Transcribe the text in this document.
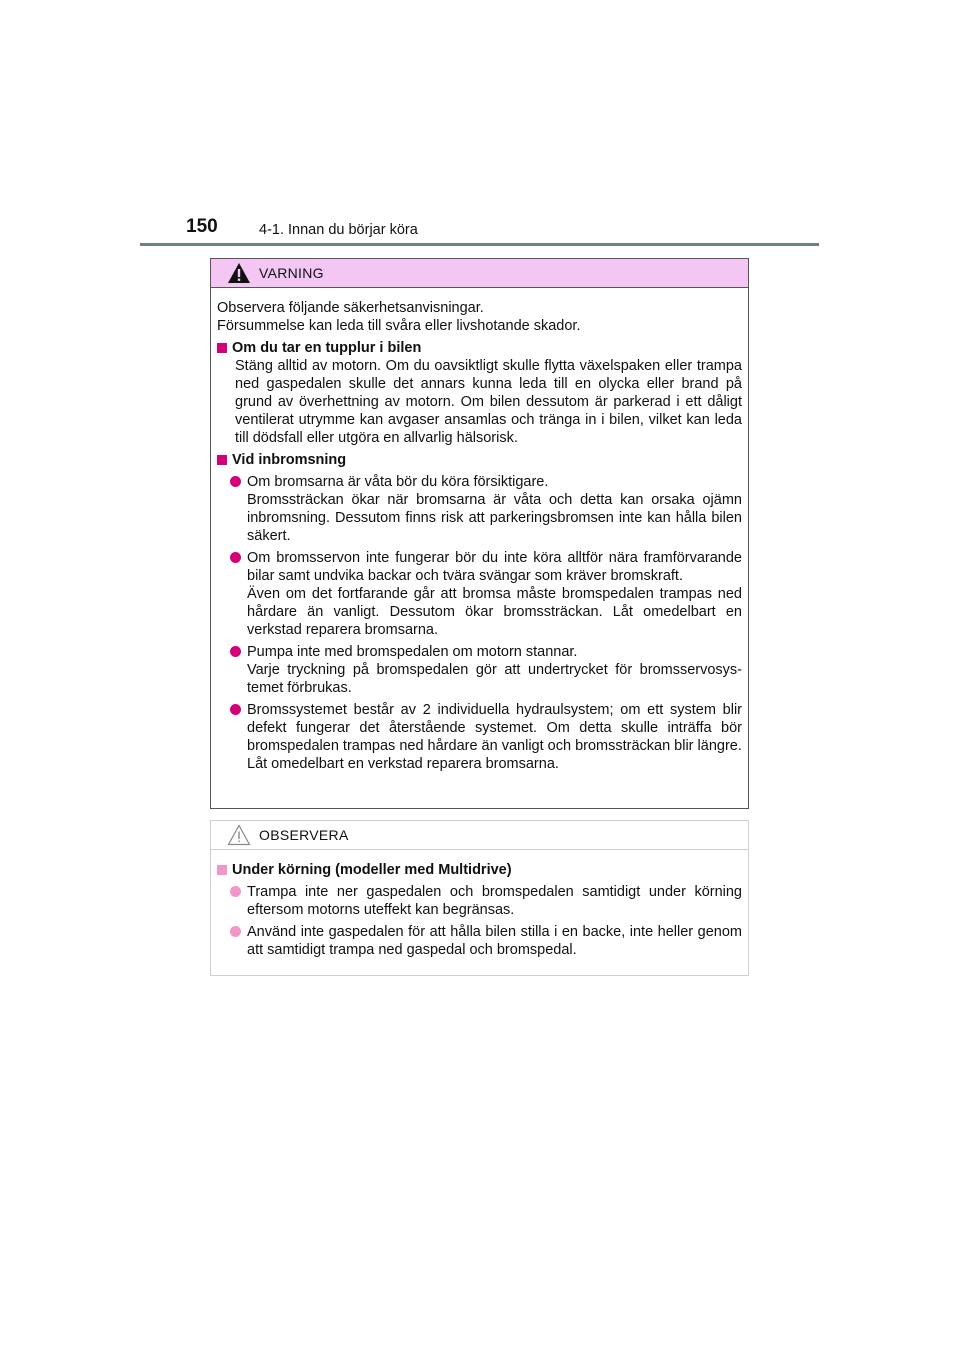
150	4-1. Innan du börjar köra
VARNING

Observera följande säkerhetsanvisningar.

Försummelse kan leda till svåra eller livshotande skador.

Om du tar en tupplur i bilen

Stäng alltid av motorn. Om du oavsiktligt skulle flytta växelspaken eller trampa ned gaspedalen skulle det annars kunna leda till en olycka eller brand på grund av överhettning av motorn. Om bilen dessutom är parkerad i ett dåligt ventilerat utrymme kan avgaser ansamlas och tränga in i bilen, vilket kan leda till dödsfall eller utgöra en allvarlig hälsorisk.

Vid inbromsning
Om bromsarna är våta bör du köra försiktigare.
Bromssträckan ökar när bromsarna är våta och detta kan orsaka ojämn inbromsning. Dessutom finns risk att parkeringsbromsen inte kan hålla bilen säkert.
Om bromsservon inte fungerar bör du inte köra alltför nära framförvarande bilar samt undvika backar och tvära svängar som kräver bromskraft.
Även om det fortfarande går att bromsa måste bromspedalen trampas ned hårdare än vanligt. Dessutom ökar bromssträckan. Låt omedelbart en verkstad reparera bromsarna.
Pumpa inte med bromspedalen om motorn stannar.
Varje tryckning på bromspedalen gör att undertrycket för bromsservosys-temet förbrukas.
Bromssystemet består av 2 individuella hydraulsystem; om ett system blir defekt fungerar det återstående systemet. Om detta skulle inträffa bör bromspedalen trampas ned hårdare än vanligt och bromssträckan blir längre.
Låt omedelbart en verkstad reparera bromsarna.
OBSERVERA
Under körning (modeller med Multidrive)
Trampa inte ner gaspedalen och bromspedalen samtidigt under körning eftersom motorns uteffekt kan begränsas.
Använd inte gaspedalen för att hålla bilen stilla i en backe, inte heller genom att samtidigt trampa ned gaspedal och bromspedal.
